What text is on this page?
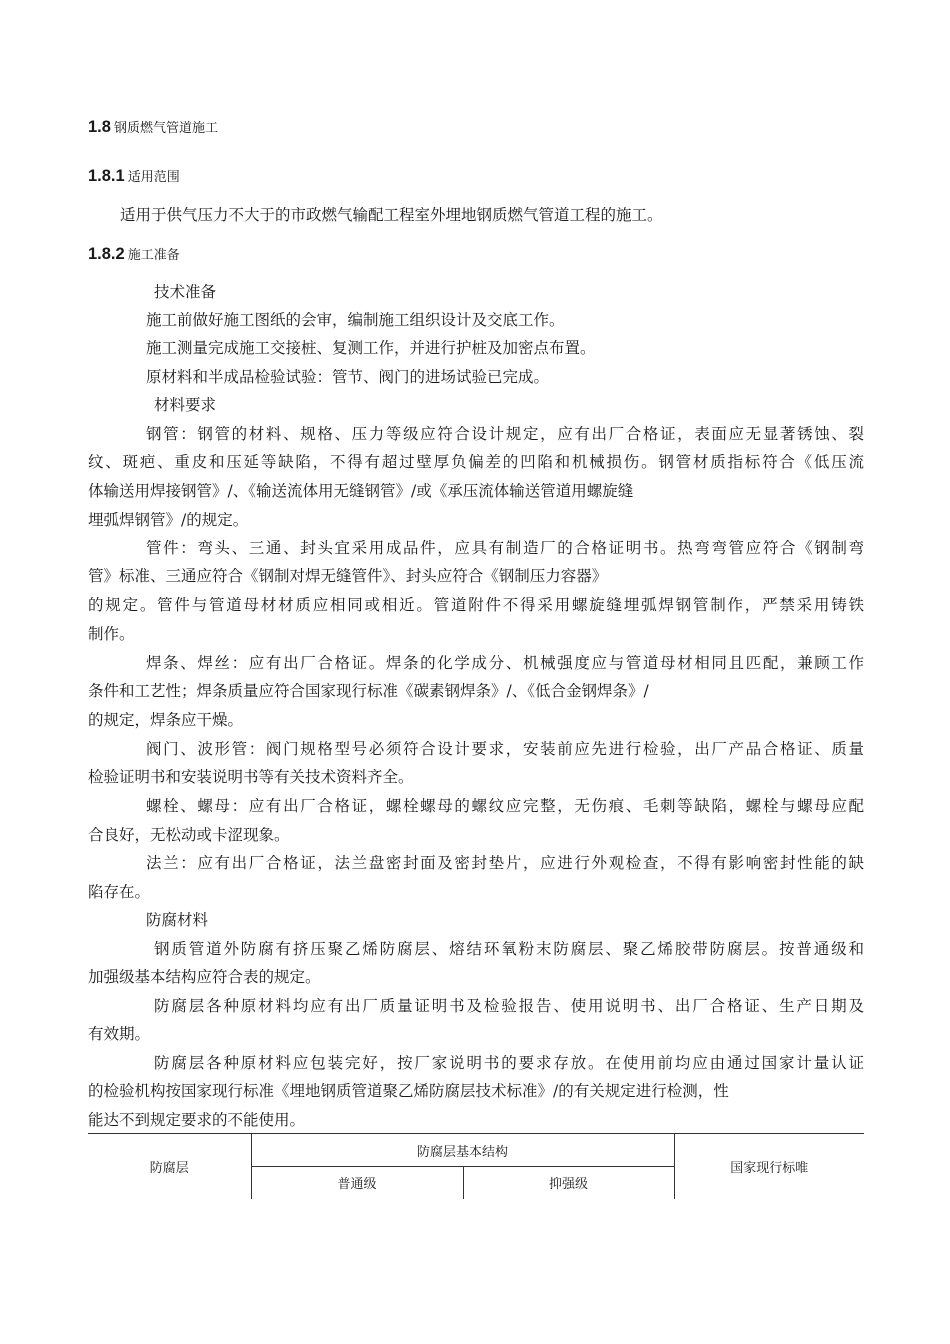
1.8 钢质燃气管道施工
1.8.1 适用范围
适用于供气压力不大于的市政燃气输配工程室外埋地钢质燃气管道工程的施工。
1.8.2 施工准备
技术准备
施工前做好施工图纸的会审，编制施工组织设计及交底工作。
施工测量完成施工交接桩、复测工作，并进行护桩及加密点布置。
原材料和半成品检验试验：管节、阀门的进场试验已完成。
材料要求
钢管：钢管的材料、规格、压力等级应符合设计规定，应有出厂合格证，表面应无显著锈蚀、裂
纹、斑疤、重皮和压延等缺陷，不得有超过壁厚负偏差的凹陷和机械损伤。钢管材质指标符合《低压流
体输送用焊接钢管》/、《输送流体用无缝钢管》/或《承压流体输送管道用螺旋缝
埋弧焊钢管》/的规定。
管件：弯头、三通、封头宜采用成品件，应具有制造厂的合格证明书。热弯弯管应符合《钢制弯
管》标准、三通应符合《钢制对焊无缝管件》、封头应符合《钢制压力容器》
的规定。管件与管道母材材质应相同或相近。管道附件不得采用螺旋缝埋弧焊钢管制作，严禁采用铸铁
制作。
焊条、焊丝：应有出厂合格证。焊条的化学成分、机械强度应与管道母材相同且匹配，兼顾工作
条件和工艺性；焊条质量应符合国家现行标准《碳素钢焊条》/、《低合金钢焊条》/
的规定，焊条应干燥。
阀门、波形管：阀门规格型号必须符合设计要求，安装前应先进行检验，出厂产品合格证、质量
检验证明书和安装说明书等有关技术资料齐全。
螺栓、螺母：应有出厂合格证，螺栓螺母的螺纹应完整，无伤痕、毛刺等缺陷，螺栓与螺母应配
合良好，无松动或卡涩现象。
法兰：应有出厂合格证，法兰盘密封面及密封垫片，应进行外观检查，不得有影响密封性能的缺
陷存在。
防腐材料
钢质管道外防腐有挤压聚乙烯防腐层、熔结环氧粉末防腐层、聚乙烯胶带防腐层。按普通级和
加强级基本结构应符合表的规定。
防腐层各种原材料均应有出厂质量证明书及检验报告、使用说明书、出厂合格证、生产日期及
有效期。
防腐层各种原材料应包装完好，按厂家说明书的要求存放。在使用前均应由通过国家计量认证
的检验机构按国家现行标准《埋地钢质管道聚乙烯防腐层技术标准》/的有关规定进行检测，性
能达不到规定要求的不能使用。
防腐层	防腐层基本结构		国家现行标唯
	普通级	抑强级	
